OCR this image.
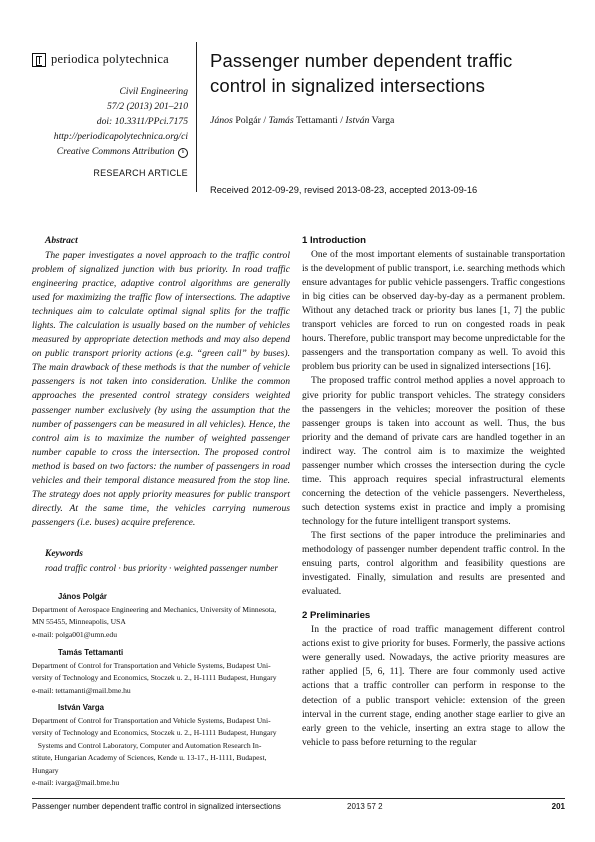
periodica polytechnica
Civil Engineering
57/2 (2013) 201–210
doi: 10.3311/PPci.7175
http://periodicapolytechnica.org/ci
Creative Commons Attribution b
RESEARCH ARTICLE
Passenger number dependent traffic control in signalized intersections
János Polgár / Tamás Tettamanti / István Varga
Received 2012-09-29, revised 2013-08-23, accepted 2013-09-16
Abstract
The paper investigates a novel approach to the traffic control problem of signalized junction with bus priority. In road traffic engineering practice, adaptive control algorithms are generally used for maximizing the traffic flow of intersections. The adaptive techniques aim to calculate optimal signal splits for the traffic lights. The calculation is usually based on the number of vehicles measured by appropriate detection methods and may also depend on public transport priority actions (e.g. “green call” by buses). The main drawback of these methods is that the number of vehicle passengers is not taken into consideration. Unlike the common approaches the presented control strategy considers weighted passenger number exclusively (by using the assumption that the number of passengers can be measured in all vehicles). Hence, the control aim is to maximize the number of weighted passenger number capable to cross the intersection. The proposed control method is based on two factors: the number of passengers in road vehicles and their temporal distance measured from the stop line. The strategy does not apply priority measures for public transport directly. At the same time, the vehicles carrying numerous passengers (i.e. buses) acquire preference.
Keywords
road traffic control · bus priority · weighted passenger number
János Polgár
Department of Aerospace Engineering and Mechanics, University of Minnesota,
MN 55455, Minneapolis, USA
e-mail: polga001@umn.edu
Tamás Tettamanti
Department of Control for Transportation and Vehicle Systems, Budapest Uni-
versity of Technology and Economics, Stoczek u. 2., H-1111 Budapest, Hungary
e-mail: tettamanti@mail.bme.hu
István Varga
Department of Control for Transportation and Vehicle Systems, Budapest Uni-
versity of Technology and Economics, Stoczek u. 2., H-1111 Budapest, Hungary
Systems and Control Laboratory, Computer and Automation Research In-
stitute, Hungarian Academy of Sciences, Kende u. 13-17., H-1111, Budapest,
Hungary
e-mail: ivarga@mail.bme.hu
1 Introduction

One of the most important elements of sustainable transportation is the development of public transport, i.e. searching methods which ensure advantages for public vehicle passengers. Traffic congestions in big cities can be observed day-by-day as a permanent problem. Without any detached track or priority bus lanes [1, 7] the public transport vehicles are forced to run on congested roads in peak hours. Therefore, public transport may become unpredictable for the passengers and the transportation company as well. To avoid this problem bus priority can be used in signalized intersections [16].

The proposed traffic control method applies a novel approach to give priority for public transport vehicles. The strategy considers the passengers in the vehicles; moreover the position of these passenger groups is taken into account as well. Thus, the bus priority and the demand of private cars are handled together in an indirect way. The control aim is to maximize the weighted passenger number which crosses the intersection during the cycle time. This approach requires special infrastructural elements concerning the detection of the vehicle passengers. Nevertheless, such detection systems exist in practice and imply a promising technology for the future intelligent transport systems.

The first sections of the paper introduce the preliminaries and methodology of passenger number dependent traffic control. In the ensuing parts, control algorithm and feasibility questions are investigated. Finally, simulation and results are presented and evaluated.

2 Preliminaries

In the practice of road traffic management different control actions exist to give priority for buses. Formerly, the passive actions were generally used. Nowadays, the active priority measures are rather applied [5, 6, 11]. There are four commonly used active actions that a traffic controller can perform in response to the detection of a public transport vehicle: extension of the green interval in the current stage, ending another stage earlier to give an early green to the vehicle, inserting an extra stage to allow the vehicle to pass before returning to the regular

Passenger number dependent traffic control in signalized intersections	2013 57 2	201
